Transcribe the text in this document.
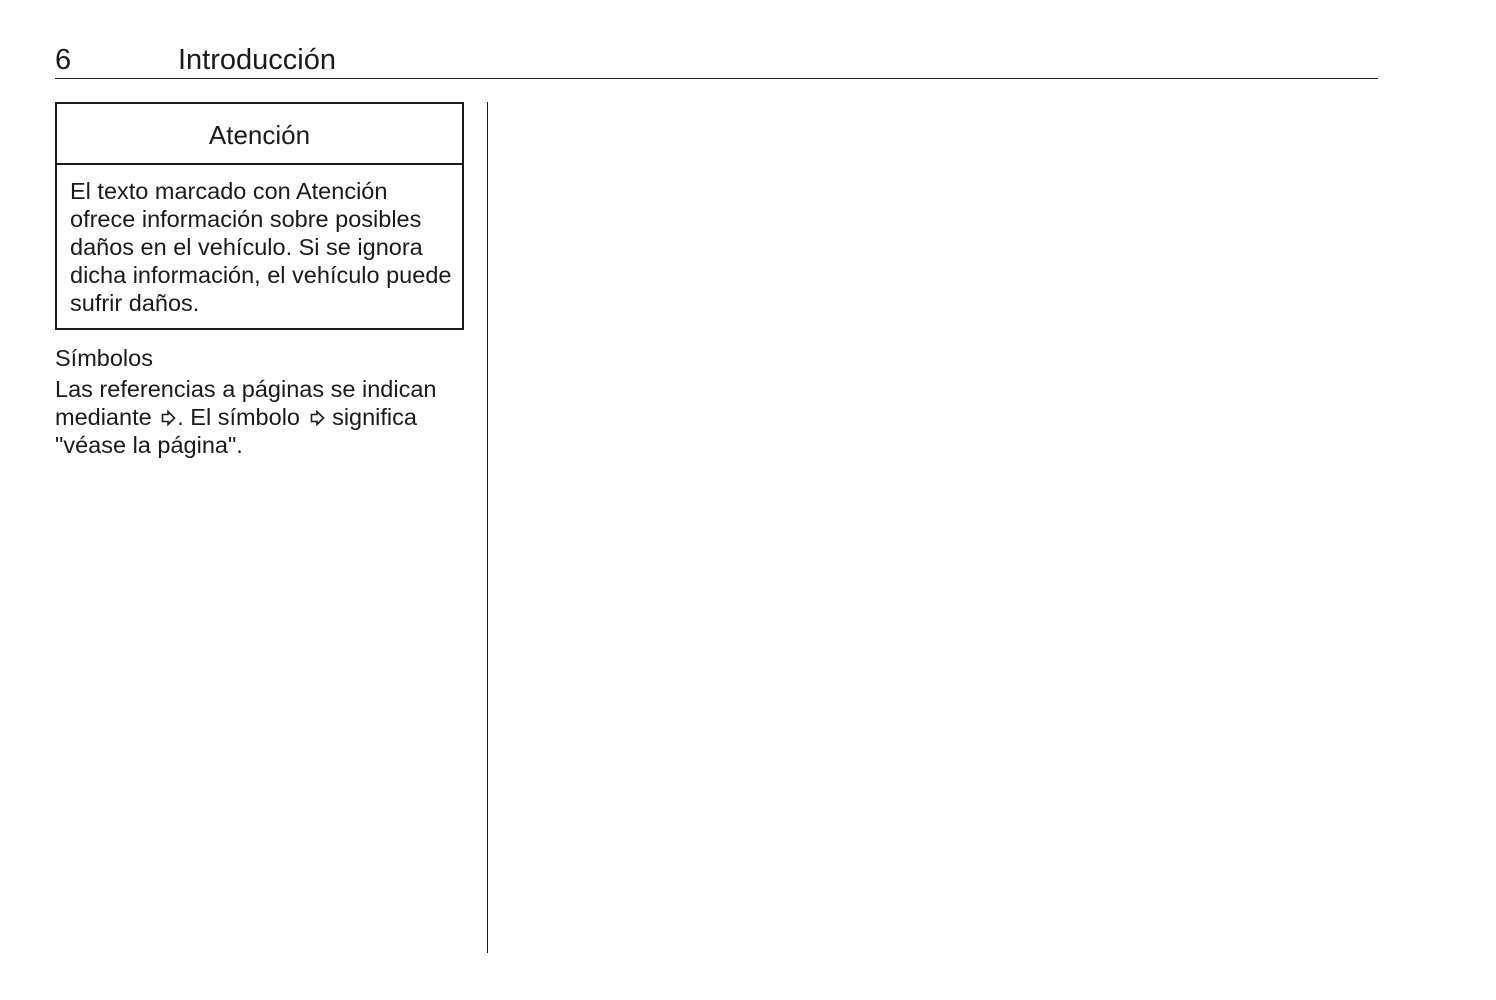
6	Introducción
Atención
El texto marcado con Atención ofrece información sobre posibles daños en el vehículo. Si se ignora dicha información, el vehículo puede sufrir daños.
Símbolos
Las referencias a páginas se indican mediante . El símbolo significa "véase la página".
